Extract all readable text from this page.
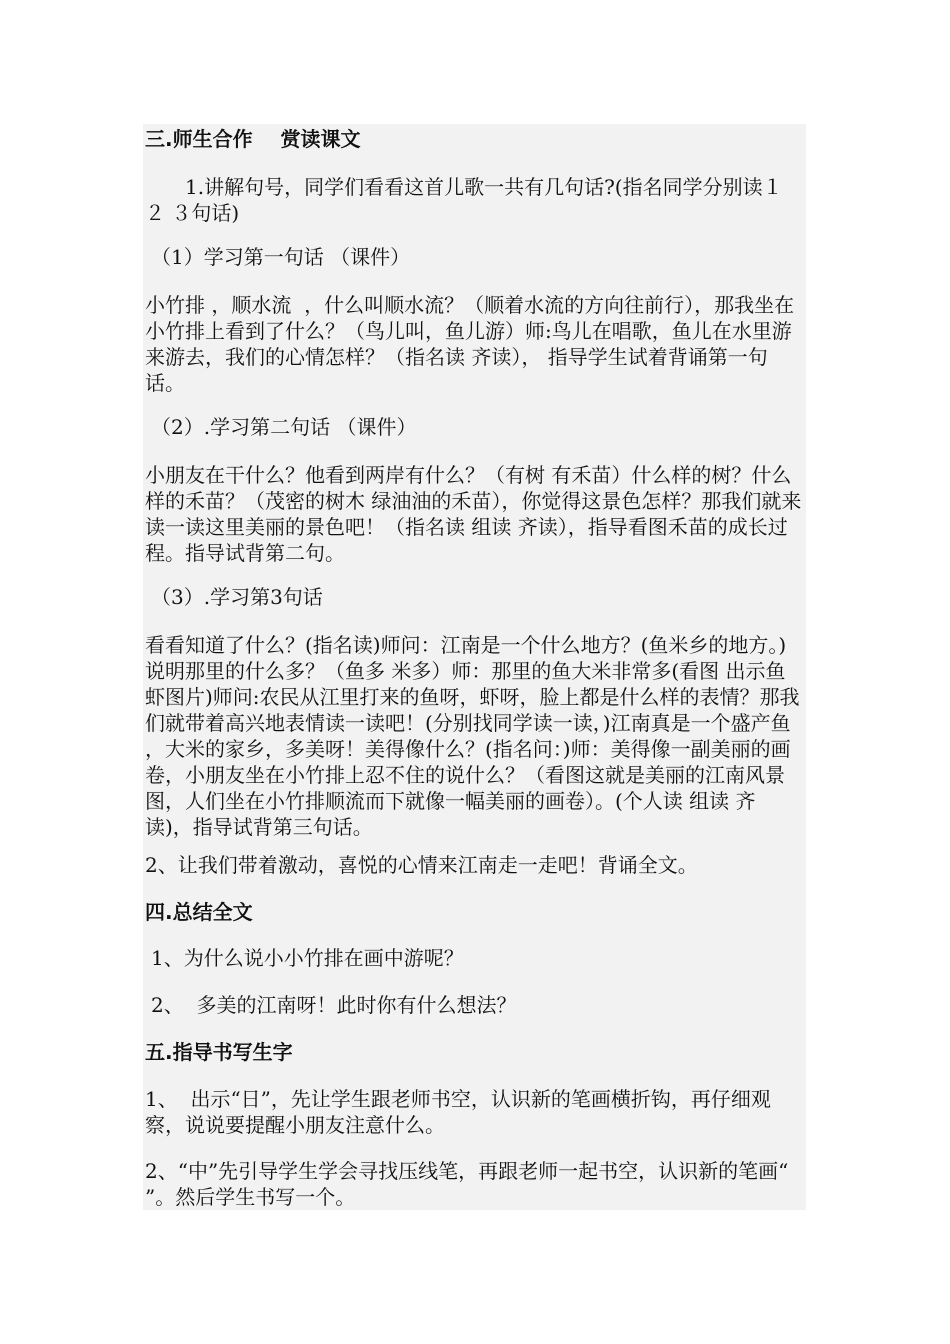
三.师生合作    赏读课文
1.讲解句号，同学们看看这首儿歌一共有几句话?(指名同学分别读１ ２ ３句话)
（1）学习第一句话 （课件）
小竹排 ，顺水流  ，什么叫顺水流？（顺着水流的方向往前行），那我坐在小竹排上看到了什么？（鸟儿叫，鱼儿游）师:鸟儿在唱歌，鱼儿在水里游来游去，我们的心情怎样？（指名读 齐读）， 指导学生试着背诵第一句话。
（2）.学习第二句话 （课件）
小朋友在干什么？他看到两岸有什么？（有树 有禾苗）什么样的树？什么样的禾苗？（茂密的树木 绿油油的禾苗），你觉得这景色怎样？那我们就来读一读这里美丽的景色吧！（指名读 组读 齐读），指导看图禾苗的成长过程。指导试背第二句。
（3）.学习第3句话
看看知道了什么？(指名读)师问：江南是一个什么地方？(鱼米乡的地方。)说明那里的什么多？（鱼多 米多）师：那里的鱼大米非常多(看图 出示鱼虾图片)师问:农民从江里打来的鱼呀，虾呀，脸上都是什么样的表情？那我们就带着高兴地表情读一读吧！(分别找同学读一读，)江南真是一个盛产鱼 ，大米的家乡，多美呀！美得像什么？(指名问：)师：美得像一副美丽的画卷，小朋友坐在小竹排上忍不住的说什么？（看图这就是美丽的江南风景图，人们坐在小竹排顺流而下就像一幅美丽的画卷）。(个人读 组读 齐读)，指导试背第三句话。
2、让我们带着激动，喜悦的心情来江南走一走吧！背诵全文。
四.总结全文
1、为什么说小小竹排在画中游呢？
2、  多美的江南呀！此时你有什么想法？
五.指导书写生字
1、  出示“日”，先让学生跟老师书空，认识新的笔画横折钩，再仔细观察，说说要提醒小朋友注意什么。
2、“中”先引导学生学会寻找压线笔，再跟老师一起书空，认识新的笔画“  ”。然后学生书写一个。
